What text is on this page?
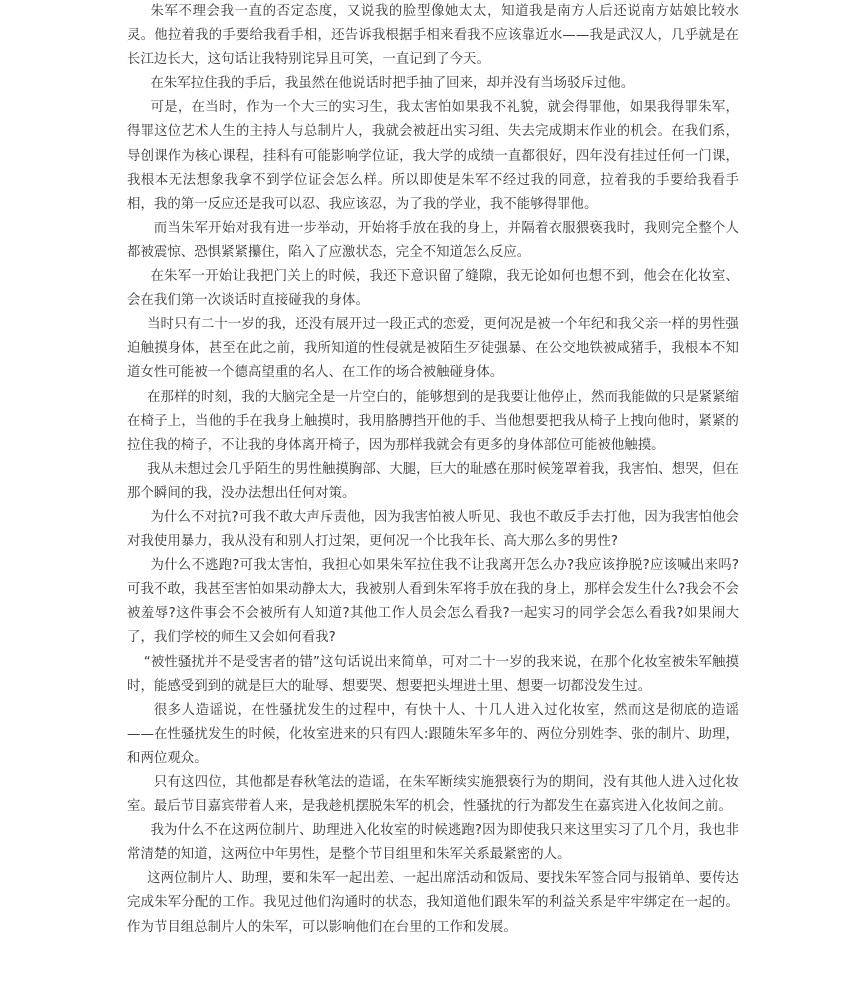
朱军不理会我一直的否定态度，又说我的脸型像她太太，知道我是南方人后还说南方姑娘比较水灵。他拉着我的手要给我看手相，还告诉我根据手相来看我不应该靠近水——我是武汉人，几乎就是在长江边长大，这句话让我特别诧异且可笑，一直记到了今天。

在朱军拉住我的手后，我虽然在他说话时把手抽了回来，却并没有当场驳斥过他。

可是，在当时，作为一个大三的实习生，我太害怕如果我不礼貌，就会得罪他，如果我得罪朱军，得罪这位艺术人生的主持人与总制片人，我就会被赶出实习组、失去完成期末作业的机会。在我们系，导创课作为核心课程，挂科有可能影响学位证，我大学的成绩一直都很好，四年没有挂过任何一门课，我根本无法想象我拿不到学位证会怎么样。所以即使是朱军不经过我的同意，拉着我的手要给我看手相，我的第一反应还是我可以忍、我应该忍，为了我的学业，我不能够得罪他。

而当朱军开始对我有进一步举动，开始将手放在我的身上，并隔着衣服猥亵我时，我则完全整个人都被震惊、恐惧紧紧攥住，陷入了应激状态，完全不知道怎么反应。

在朱军一开始让我把门关上的时候，我还下意识留了缝隙，我无论如何也想不到，他会在化妆室、会在我们第一次谈话时直接碰我的身体。

当时只有二十一岁的我，还没有展开过一段正式的恋爱，更何况是被一个年纪和我父亲一样的男性强迫触摸身体，甚至在此之前，我所知道的性侵就是被陌生歹徒强暴、在公交地铁被咸猪手，我根本不知道女性可能被一个德高望重的名人、在工作的场合被触碰身体。

在那样的时刻，我的大脑完全是一片空白的，能够想到的是我要让他停止，然而我能做的只是紧紧缩在椅子上，当他的手在我身上触摸时，我用胳膊挡开他的手、当他想要把我从椅子上拽向他时，紧紧的拉住我的椅子，不让我的身体离开椅子，因为那样我就会有更多的身体部位可能被他触摸。

我从未想过会几乎陌生的男性触摸胸部、大腿，巨大的耻感在那时候笼罩着我，我害怕、想哭，但在那个瞬间的我，没办法想出任何对策。

为什么不对抗?可我不敢大声斥责他，因为我害怕被人听见、我也不敢反手去打他，因为我害怕他会对我使用暴力，我从没有和别人打过架，更何况一个比我年长、高大那么多的男性?

为什么不逃跑?可我太害怕，我担心如果朱军拉住我不让我离开怎么办?我应该挣脱?应该喊出来吗?可我不敢，我甚至害怕如果动静太大，我被别人看到朱军将手放在我的身上，那样会发生什么?我会不会被羞辱?这件事会不会被所有人知道?其他工作人员会怎么看我?一起实习的同学会怎么看我?如果闹大了，我们学校的师生又会如何看我?

“被性骚扰并不是受害者的错”这句话说出来简单，可对二十一岁的我来说，在那个化妆室被朱军触摸时，能感受到到的就是巨大的耻辱、想要哭、想要把头埋进土里、想要一切都没发生过。

很多人造谣说，在性骚扰发生的过程中，有快十人、十几人进入过化妆室，然而这是彻底的造谣——在性骚扰发生的时候，化妆室进来的只有四人:跟随朱军多年的、两位分别姓李、张的制片、助理，和两位观众。

只有这四位，其他都是春秋笔法的造谣，在朱军断续实施猥亵行为的期间，没有其他人进入过化妆室。最后节目嘉宾带着人来，是我趁机摆脱朱军的机会，性骚扰的行为都发生在嘉宾进入化妆间之前。

我为什么不在这两位制片、助理进入化妆室的时候逃跑?因为即使我只来这里实习了几个月，我也非常清楚的知道，这两位中年男性，是整个节目组里和朱军关系最紧密的人。

这两位制片人、助理，要和朱军一起出差、一起出席活动和饭局、要找朱军签合同与报销单、要传达完成朱军分配的工作。我见过他们沟通时的状态，我知道他们跟朱军的利益关系是牢牢绑定在一起的。作为节目组总制片人的朱军，可以影响他们在台里的工作和发展。
